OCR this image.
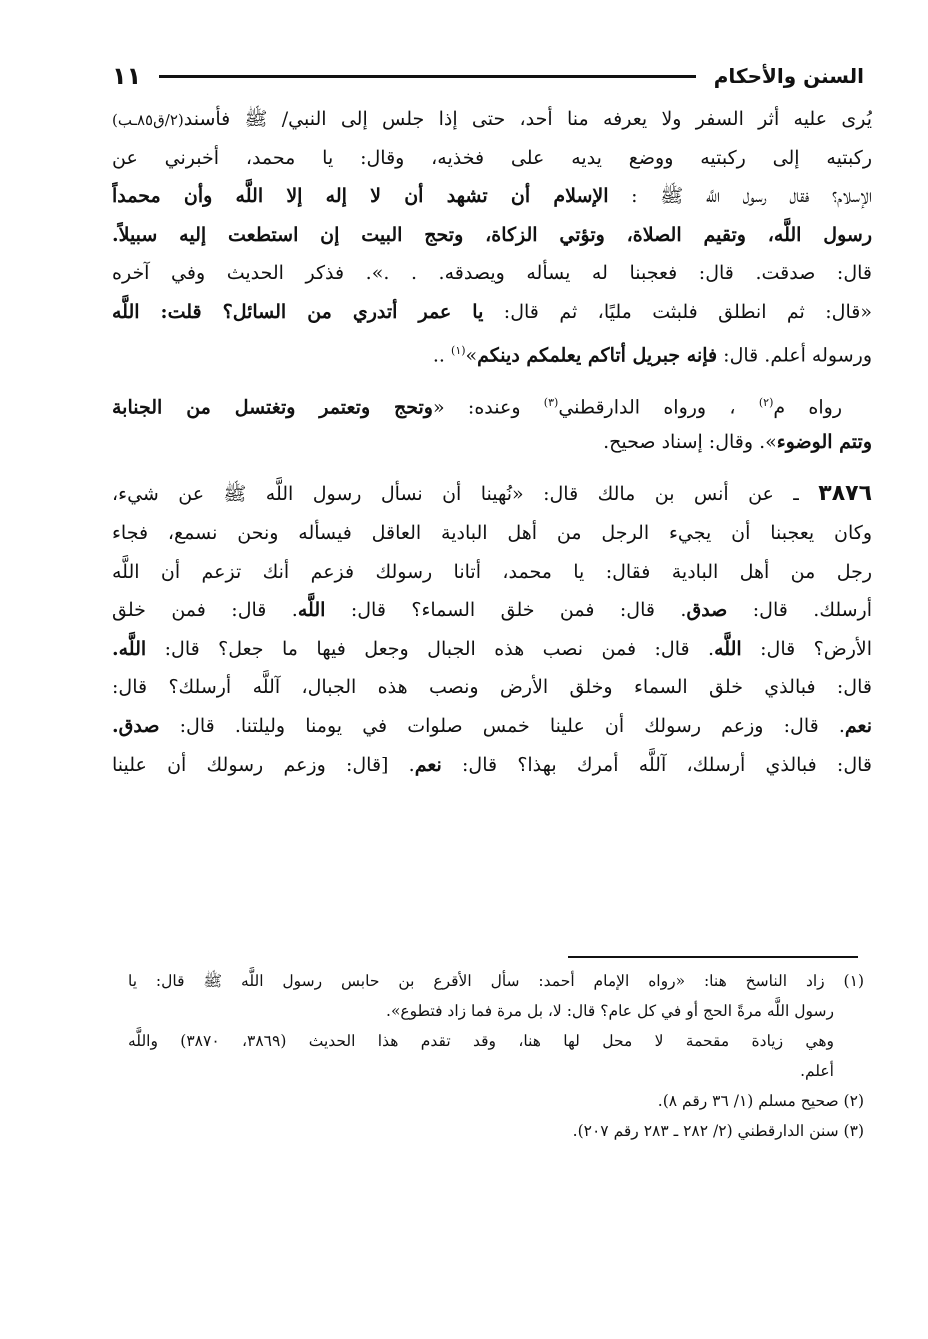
السنن والأحكام
١١
يُرى عليه أثر السفر ولا يعرفه منا أحد، حتى إذا جلس إلى النبي/ ﷺ فأسند(٢/ق٨٥ـب)
ركبتيه إلى ركبتيه ووضع يديه على فخذيه، وقال: يا محمد، أخبرني عن
الإسلام؟ فقال رسول اللَّه ﷺ : الإسلام أن تشهد أن لا إله إلا اللَّه وأن محمداً
رسول اللَّه، وتقيم الصلاة، وتؤتي الزكاة، وتحج البيت إن استطعت إليه سبيلاً.
قال: صدقت. قال: فعجبنا له يسأله ويصدقه. . .». فذكر الحديث وفي آخره
«قال: ثم انطلق فلبثت مليًا، ثم قال: يا عمر أتدري من السائل؟ قلت: اللَّه
ورسوله أعلم. قال: فإنه جبريل أتاكم يعلمكم دينكم»$^{(١)}$ ..
رواه م$^{(٢)}$ ، ورواه الدارقطني$^{(٣)}$ وعنده: «وتحج وتعتمر وتغتسل من الجنابة
وتتم الوضوء». وقال: إسناد صحيح.
٣٨٧٦ ـ عن أنس بن مالك قال: «نُهينا أن نسأل رسول اللَّه ﷺ عن شيء،
وكان يعجبنا أن يجيء الرجل من أهل البادية العاقل فيسأله ونحن نسمع، فجاء
رجل من أهل البادية فقال: يا محمد، أتانا رسولك فزعم أنك تزعم أن اللَّه
أرسلك. قال: صدق. قال: فمن خلق السماء؟ قال: اللَّه. قال: فمن خلق
الأرض؟ قال: اللَّه. قال: فمن نصب هذه الجبال وجعل فيها ما جعل؟ قال: اللَّه.
قال: فبالذي خلق السماء وخلق الأرض ونصب هذه الجبال، آللَّه أرسلك؟ قال:
نعم. قال: وزعم رسولك أن علينا خمس صلوات في يومنا وليلتنا. قال: صدق.
قال: فبالذي أرسلك، آللَّه أمرك بهذا؟ قال: نعم. [قال: وزعم رسولك أن علينا
(١) زاد الناسخ هنا: «رواه الإمام أحمد: سأل الأقرع بن حابس رسول اللَّه ﷺ قال: يا
رسول اللَّه مرةً الحج أو في كل عام؟ قال: لا، بل مرة فما زاد فتطوع».
وهي زيادة مقحمة لا محل لها هنا، وقد تقدم هذا الحديث (٣٨٦٩، ٣٨٧٠) واللَّه
أعلم.
(٢) صحيح مسلم (١/ ٣٦ رقم ٨).
(٣) سنن الدارقطني (٢/ ٢٨٢ ـ ٢٨٣ رقم ٢٠٧).
